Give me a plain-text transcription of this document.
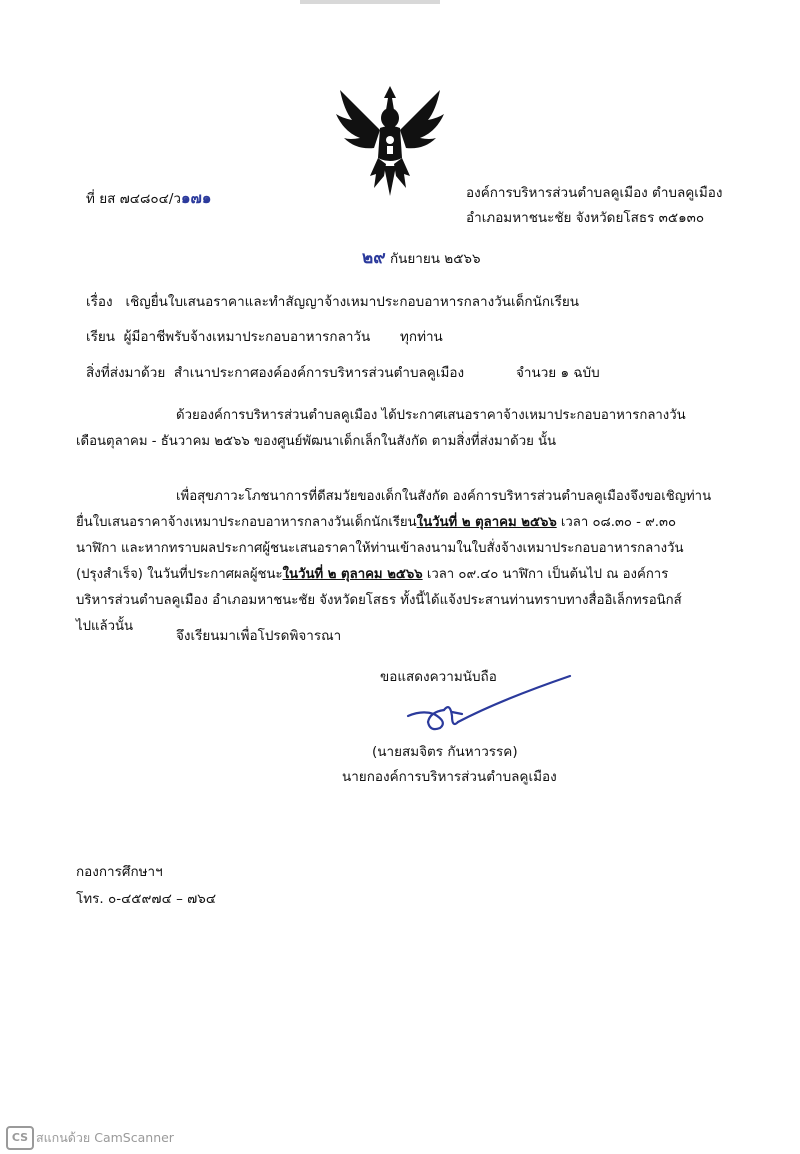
ที่ ยส ๗๔๘๐๔/ว๑๗๑	องค์การบริหารส่วนตำบลคูเมือง ตำบลคูเมือง
อำเภอมหาชนะชัย จังหวัดยโสธร ๓๕๑๓๐
๒๙ กันยายน ๒๕๖๖
เรื่อง เชิญยื่นใบเสนอราคาและทำสัญญาจ้างเหมาประกอบอาหารกลางวันเด็กนักเรียน
เรียน ผู้มีอาชีพรับจ้างเหมาประกอบอาหารกลาวัน ทุกท่าน
สิ่งที่ส่งมาด้วย สำเนาประกาศองค์องค์การบริหารส่วนตำบลคูเมือง	จำนวย ๑ ฉบับ

ด้วยองค์การบริหารส่วนตำบลคูเมือง ได้ประกาศเสนอราคาจ้างเหมาประกอบอาหารกลางวัน

เดือนตุลาคม - ธันวาคม ๒๕๖๖ ของศูนย์พัฒนาเด็กเล็กในสังกัด ตามสิ่งที่ส่งมาด้วย นั้น

เพื่อสุขภาวะโภชนาการที่ดีสมวัยของเด็กในสังกัด องค์การบริหารส่วนตำบลคูเมืองจึงขอเชิญท่าน

ยื่นใบเสนอราคาจ้างเหมาประกอบอาหารกลางวันเด็กนักเรียนในวันที่ ๒ ตุลาคม ๒๕๖๖ เวลา ๐๘.๓๐ - ๙.๓๐

นาฬิกา และหากทราบผลประกาศผู้ชนะเสนอราคาให้ท่านเข้าลงนามในใบสั่งจ้างเหมาประกอบอาหารกลางวัน

(ปรุงสำเร็จ) ในวันที่ประกาศผลผู้ชนะในวันที่ ๒ ตุลาคม ๒๕๖๖ เวลา ๐๙.๔๐ นาฬิกา เป็นต้นไป ณ องค์การ

บริหารส่วนตำบลคูเมือง อำเภอมหาชนะชัย จังหวัดยโสธร ทั้งนี้ได้แจ้งประสานท่านทราบทางสื่ออิเล็กทรอนิกส์

ไปแล้วนั้น

จึงเรียนมาเพื่อโปรดพิจารณา
ขอแสดงความนับถือ
(นายสมจิตร กันหาวรรค)
นายกองค์การบริหารส่วนตำบลคูเมือง
กองการศึกษาฯ
โทร. ๐-๔๕๙๗๔ – ๗๖๔
CS สแกนด้วย CamScanner
